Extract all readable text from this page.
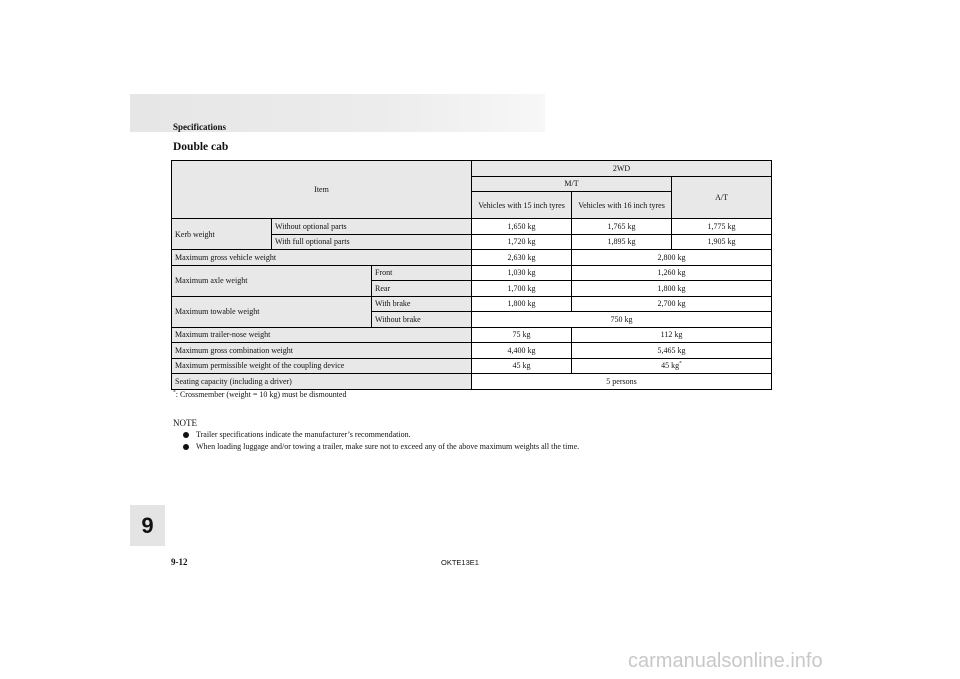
Specifications
Double cab
Item			2WD		
			M/T		A/T
			Vehicles with 15 inch tyres	Vehicles with 16 inch tyres	
Kerb weight	Without optional parts		1,650 kg	1,765 kg	1,775 kg
	With full optional parts		1,720 kg	1,895 kg	1,905 kg
Maximum gross vehicle weight			2,630 kg	2,800 kg	
Maximum axle weight		Front	1,030 kg	1,260 kg	
		Rear	1,700 kg	1,800 kg	
Maximum towable weight		With brake	1,800 kg	2,700 kg	
		Without brake	750 kg		
Maximum trailer-nose weight			75 kg	112 kg	
Maximum gross combination weight			4,400 kg	5,465 kg	
Maximum permissible weight of the coupling device			45 kg	45 kg*
Seating capacity (including a driver)			5 persons		
*: Crossmember (weight = 10 kg) must be dismounted
NOTE
Trailer specifications indicate the manufacturer’s recommendation.
When loading luggage and/or towing a trailer, make sure not to exceed any of the above maximum weights all the time.
9
9-12	OKTE13E1
carmanualsonline.info
